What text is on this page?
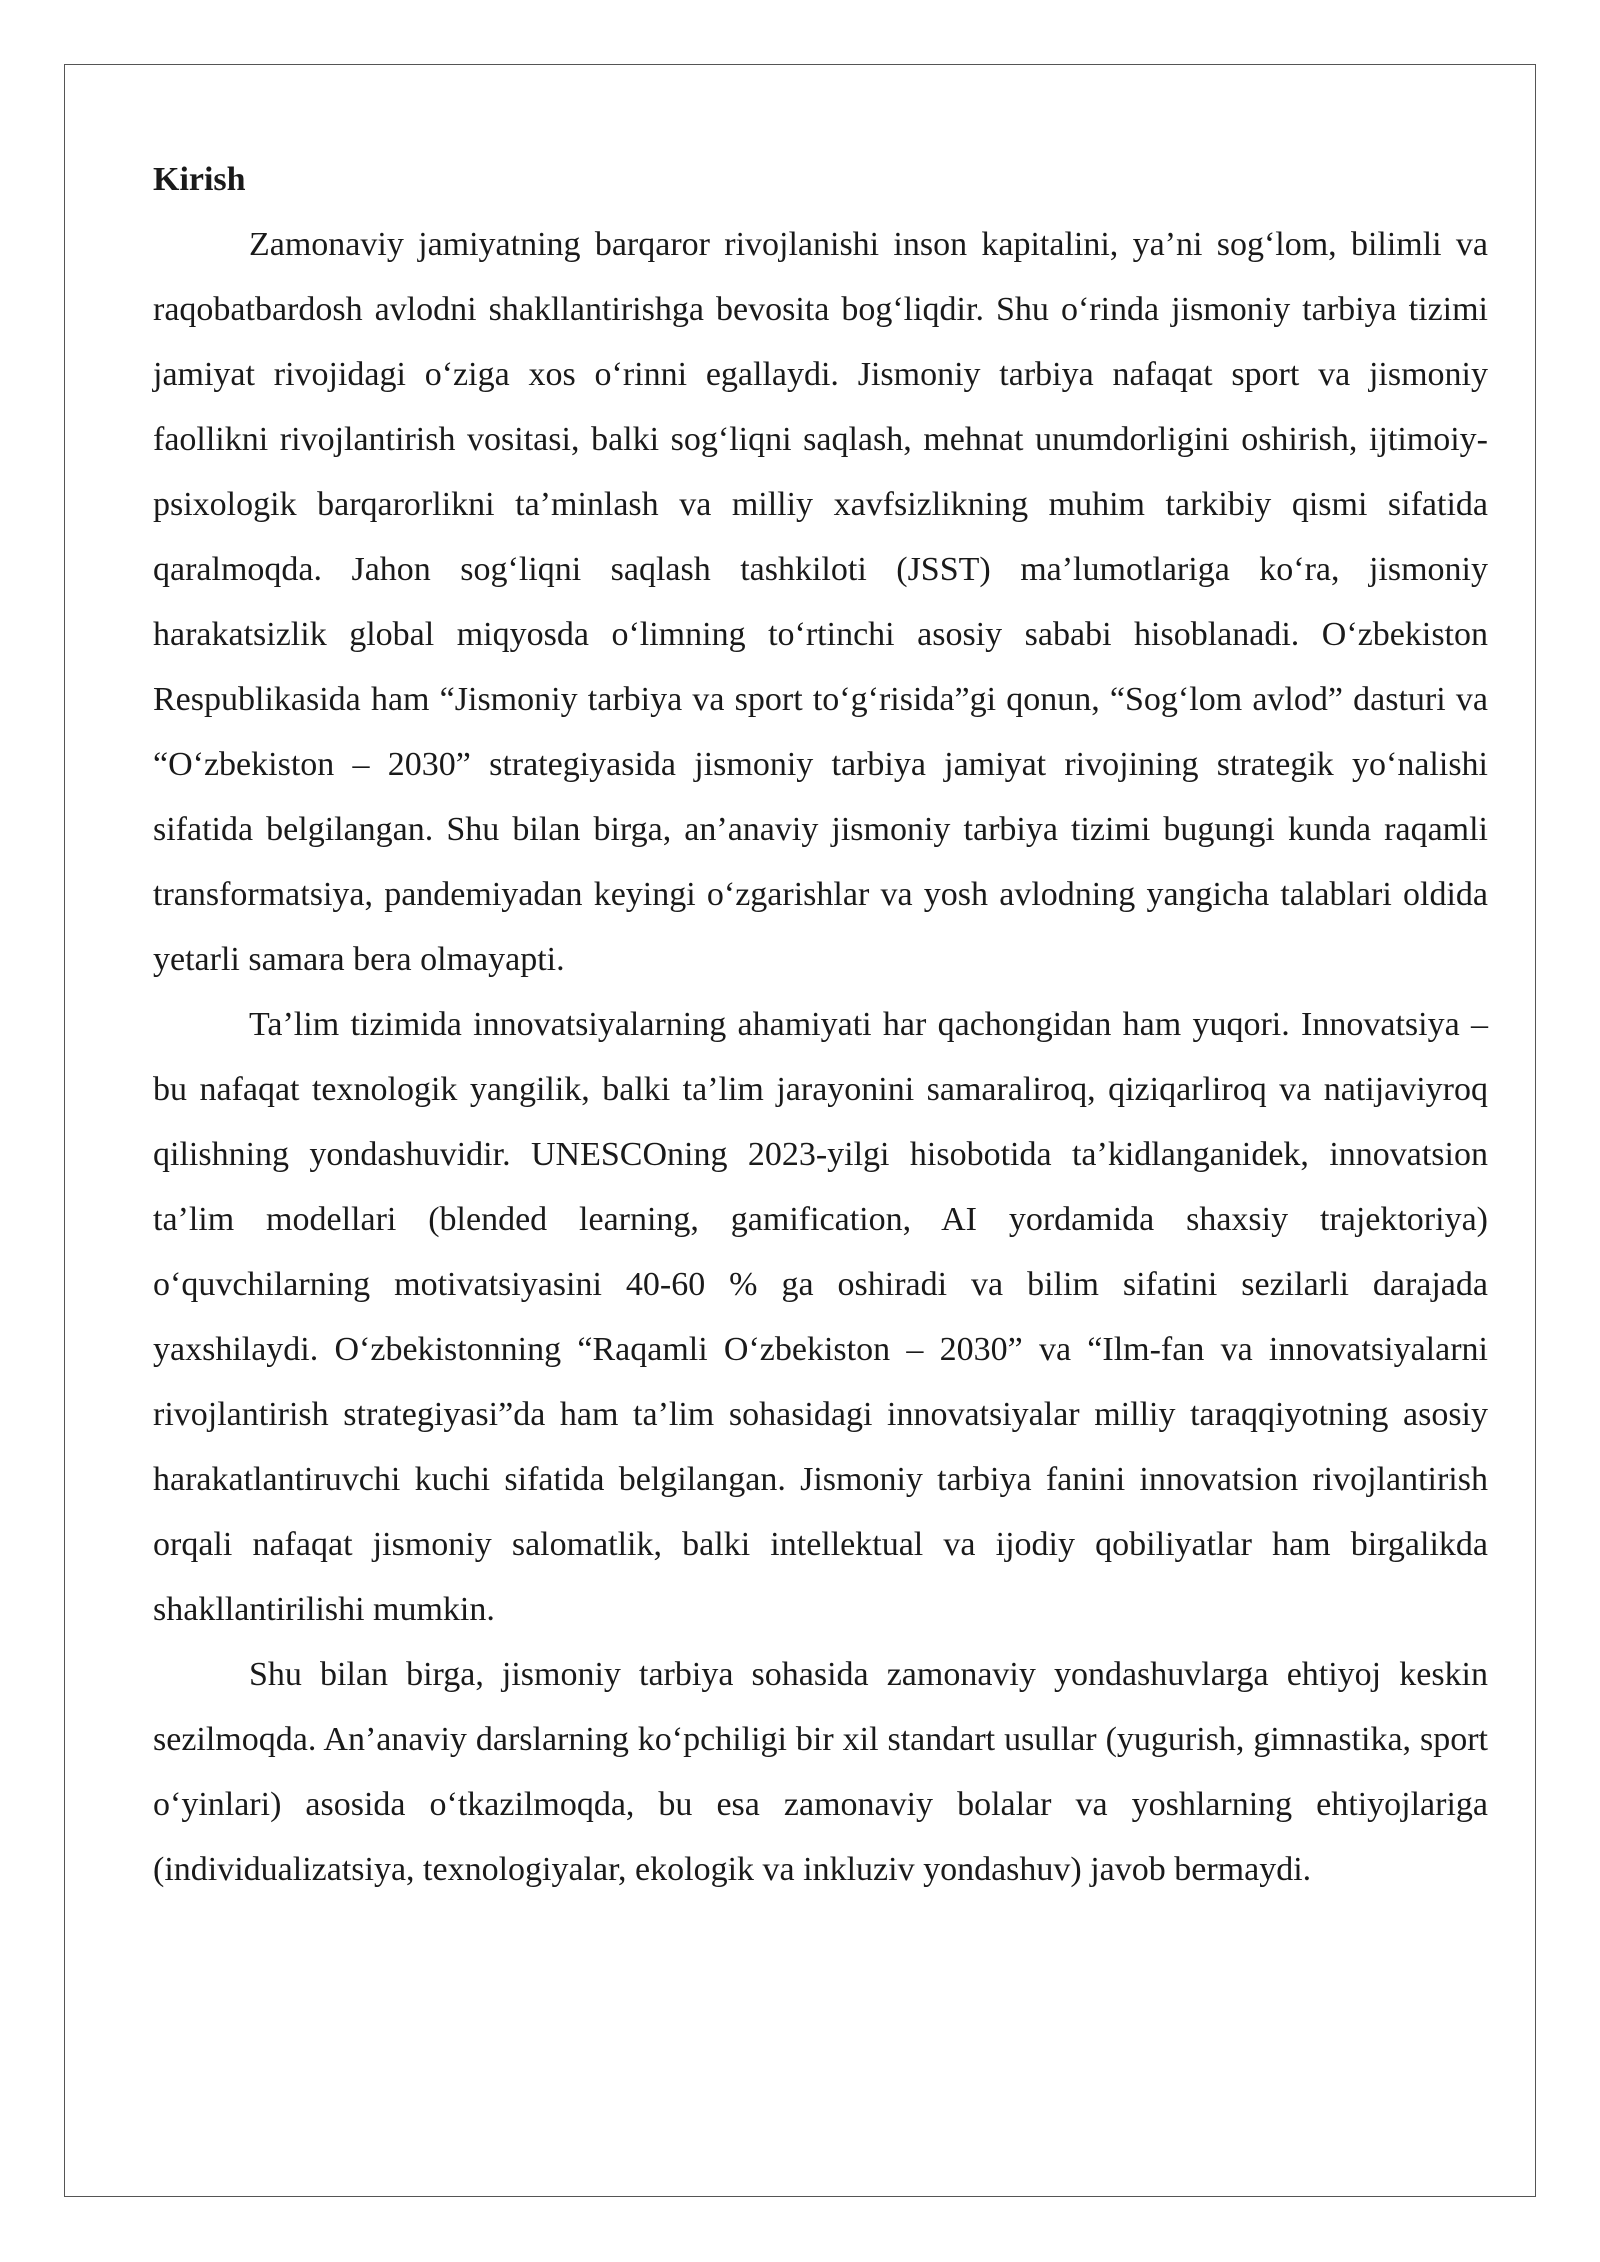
Kirish

Zamonaviy jamiyatning barqaror rivojlanishi inson kapitalini, ya’ni sog‘lom, bilimli va raqobatbardosh avlodni shakllantirishga bevosita bog‘liqdir. Shu o‘rinda jismoniy tarbiya tizimi jamiyat rivojidagi o‘ziga xos o‘rinni egallaydi. Jismoniy tarbiya nafaqat sport va jismoniy faollikni rivojlantirish vositasi, balki sog‘liqni saqlash, mehnat unumdorligini oshirish, ijtimoiy-psixologik barqarorlikni ta’minlash va milliy xavfsizlikning muhim tarkibiy qismi sifatida qaralmoqda. Jahon sog‘liqni saqlash tashkiloti (JSST) ma’lumotlariga ko‘ra, jismoniy harakatsizlik global miqyosda o‘limning to‘rtinchi asosiy sababi hisoblanadi. O‘zbekiston Respublikasida ham “Jismoniy tarbiya va sport to‘g‘risida”gi qonun, “Sog‘lom avlod” dasturi va “O‘zbekiston – 2030” strategiyasida jismoniy tarbiya jamiyat rivojining strategik yo‘nalishi sifatida belgilangan. Shu bilan birga, an’anaviy jismoniy tarbiya tizimi bugungi kunda raqamli transformatsiya, pandemiyadan keyingi o‘zgarishlar va yosh avlodning yangicha talablari oldida yetarli samara bera olmayapti.

Ta’lim tizimida innovatsiyalarning ahamiyati har qachongidan ham yuqori. Innovatsiya – bu nafaqat texnologik yangilik, balki ta’lim jarayonini samaraliroq, qiziqarliroq va natijaviyroq qilishning yondashuvidir. UNESCOning 2023-yilgi hisobotida ta’kidlanganidek, innovatsion ta’lim modellari (blended learning, gamification, AI yordamida shaxsiy trajektoriya) o‘quvchilarning motivatsiyasini 40-60 % ga oshiradi va bilim sifatini sezilarli darajada yaxshilaydi. O‘zbekistonning “Raqamli O‘zbekiston – 2030” va “Ilm-fan va innovatsiyalarni rivojlantirish strategiyasi”da ham ta’lim sohasidagi innovatsiyalar milliy taraqqiyotning asosiy harakatlantiruvchi kuchi sifatida belgilangan. Jismoniy tarbiya fanini innovatsion rivojlantirish orqali nafaqat jismoniy salomatlik, balki intellektual va ijodiy qobiliyatlar ham birgalikda shakllantirilishi mumkin.

Shu bilan birga, jismoniy tarbiya sohasida zamonaviy yondashuvlarga ehtiyoj keskin sezilmoqda. An’anaviy darslarning ko‘pchiligi bir xil standart usullar (yugurish, gimnastika, sport o‘yinlari) asosida o‘tkazilmoqda, bu esa zamonaviy bolalar va yoshlarning ehtiyojlariga (individualizatsiya, texnologiyalar, ekologik va inkluziv yondashuv) javob bermaydi.
